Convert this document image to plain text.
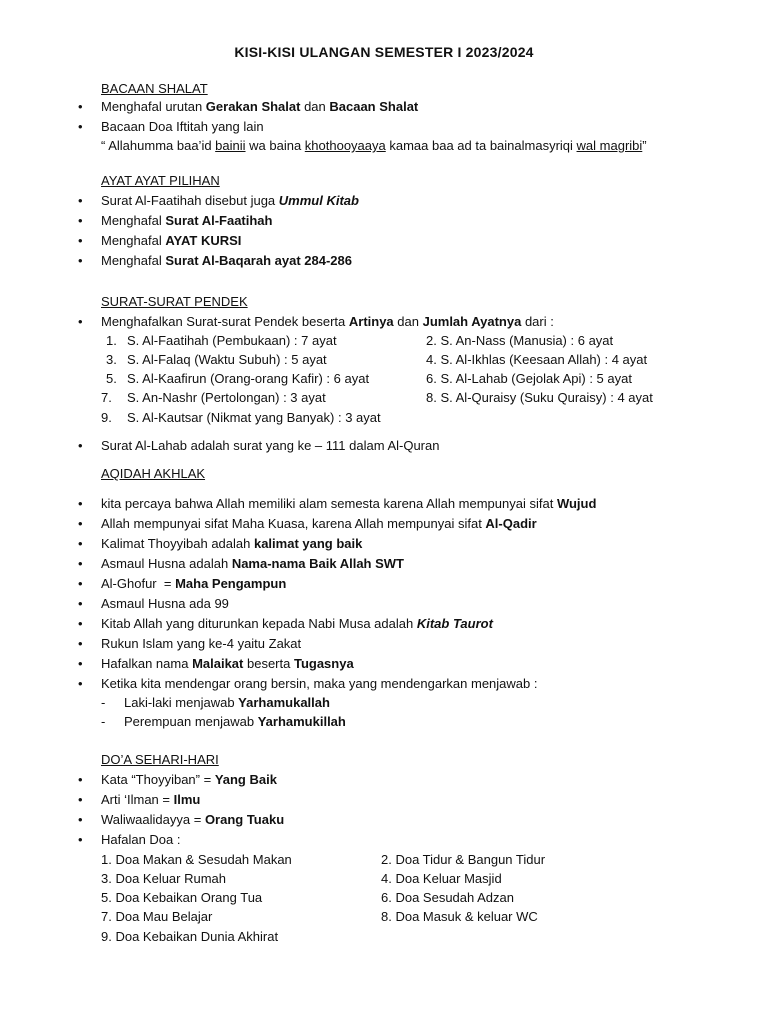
KISI-KISI ULANGAN SEMESTER I 2023/2024
BACAAN SHALAT
• Menghafal urutan Gerakan Shalat dan Bacaan Shalat
• Bacaan Doa Iftitah yang lain
“ Allahumma baa’id bainii wa baina khothooyaaya kamaa baa ad ta bainalmasyriqi wal magribi”
AYAT AYAT PILIHAN
• Surat Al-Faatihah disebut juga Ummul Kitab
• Menghafal Surat Al-Faatihah
• Menghafal AYAT KURSI
• Menghafal Surat Al-Baqarah ayat 284-286
SURAT-SURAT PENDEK
• Menghafalkan Surat-surat Pendek beserta Artinya dan Jumlah Ayatnya dari :
1. S. Al-Faatihah (Pembukaan) : 7 ayat
3. S. Al-Falaq (Waktu Subuh) : 5 ayat
5. S. Al-Kaafirun (Orang-orang Kafir) : 6 ayat
7. S. An-Nashr (Pertolongan) : 3 ayat
9. S. Al-Kautsar (Nikmat yang Banyak) : 3 ayat
2. S. An-Nass (Manusia) : 6 ayat
4. S. Al-Ikhlas (Keesaan Allah) : 4 ayat
6. S. Al-Lahab (Gejolak Api) : 5 ayat
8. S. Al-Quraisy (Suku Quraisy) : 4 ayat
• Surat Al-Lahab adalah surat yang ke – 111 dalam Al-Quran
AQIDAH AKHLAK
• kita percaya bahwa Allah memiliki alam semesta karena Allah mempunyai sifat Wujud
• Allah mempunyai sifat Maha Kuasa, karena Allah mempunyai sifat Al-Qadir
• Kalimat Thoyyibah adalah kalimat yang baik
• Asmaul Husna adalah Nama-nama Baik Allah SWT
• Al-Ghofur  = Maha Pengampun
• Asmaul Husna ada 99
• Kitab Allah yang diturunkan kepada Nabi Musa adalah Kitab Taurot
• Rukun Islam yang ke-4 yaitu Zakat
• Hafalkan nama Malaikat beserta Tugasnya
• Ketika kita mendengar orang bersin, maka yang mendengarkan menjawab :
- Laki-laki menjawab Yarhamukallah
- Perempuan menjawab Yarhamukillah
DO’A SEHARI-HARI
• Kata “Thoyyiban” = Yang Baik
• Arti ‘Ilman = Ilmu
• Waliwaalidayya = Orang Tuaku
• Hafalan Doa :
1. Doa Makan & Sesudah Makan
3. Doa Keluar Rumah
5. Doa Kebaikan Orang Tua
7. Doa Mau Belajar
9. Doa Kebaikan Dunia Akhirat
2. Doa Tidur & Bangun Tidur
4. Doa Keluar Masjid
6. Doa Sesudah Adzan
8. Doa Masuk & keluar WC
